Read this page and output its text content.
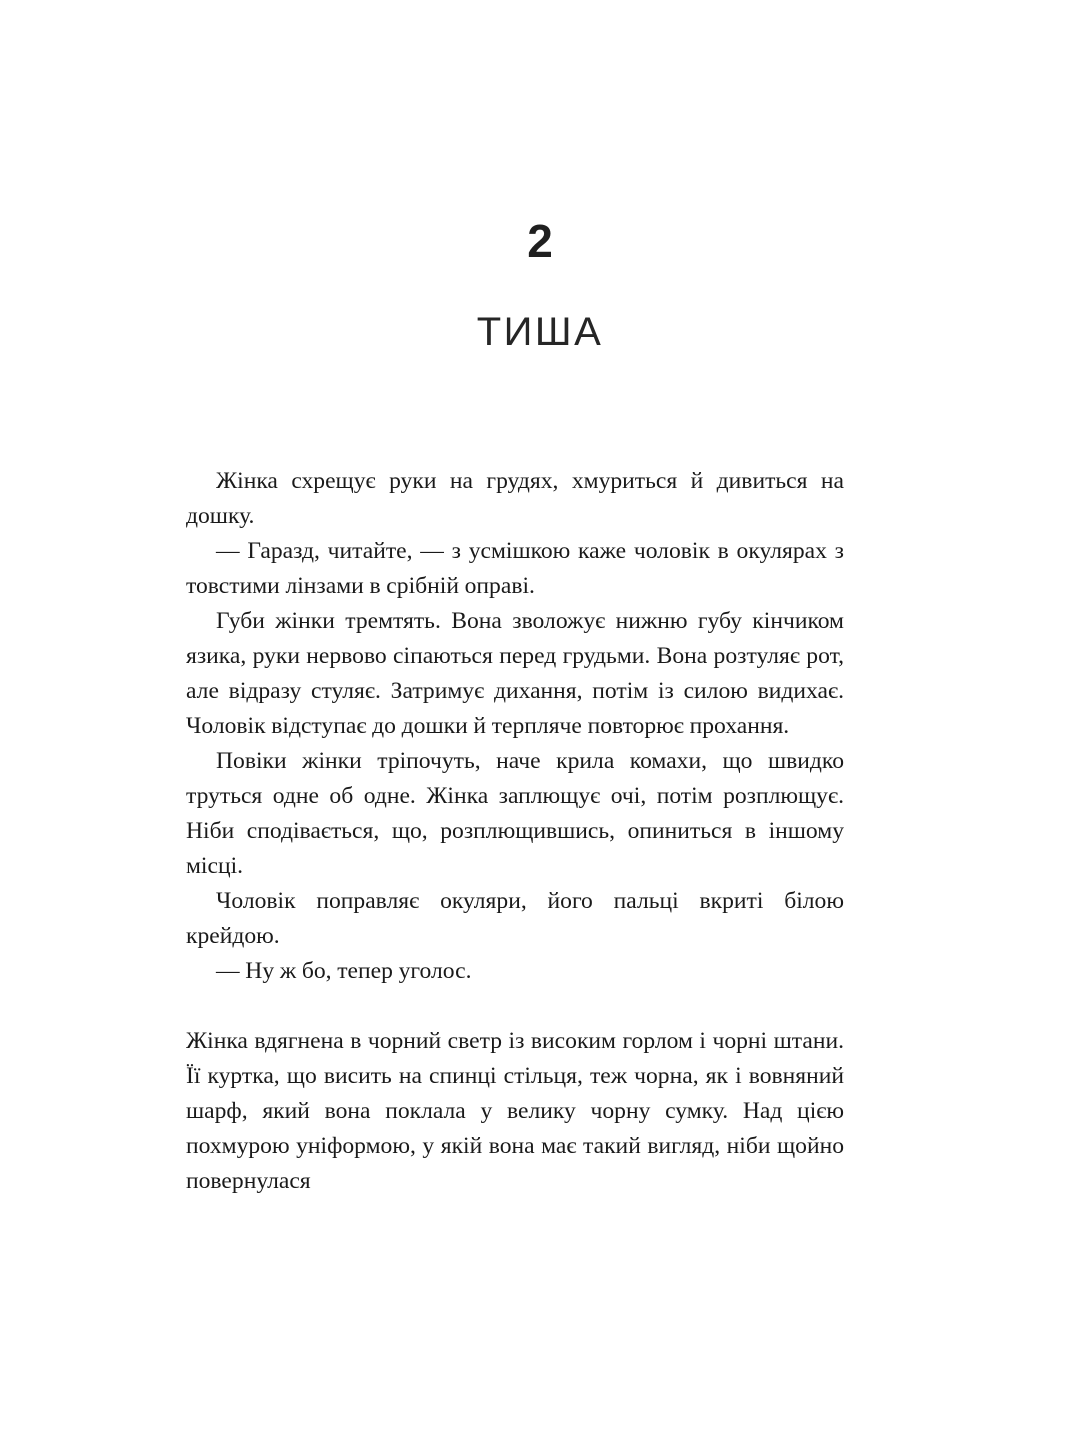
2
ТИША

Жінка схрещує руки на грудях, хмуриться й дивиться на дошку.

— Гаразд, читайте, — з усмішкою каже чоловік в окулярах з товстими лінзами в срібній оправі.

Губи жінки тремтять. Вона зволожує нижню губу кінчиком язика, руки нервово сіпаються перед грудьми. Вона розтуляє рот, але відразу стуляє. Затримує дихання, потім із силою видихає. Чоловік відступає до дошки й терпляче повторює прохання.

Повіки жінки тріпочуть, наче крила комахи, що швидко труться одне об одне. Жінка заплющує очі, потім розплющує. Ніби сподівається, що, розплющившись, опиниться в іншому місці.

Чоловік поправляє окуляри, його пальці вкриті білою крейдою.

— Ну ж бо, тепер уголос.

Жінка вдягнена в чорний светр із високим горлом і чорні штани. Її куртка, що висить на спинці стільця, теж чорна, як і вовняний шарф, який вона поклала у велику чорну сумку. Над цією похмурою уніформою, у якій вона має такий вигляд, ніби щойно повернулася
